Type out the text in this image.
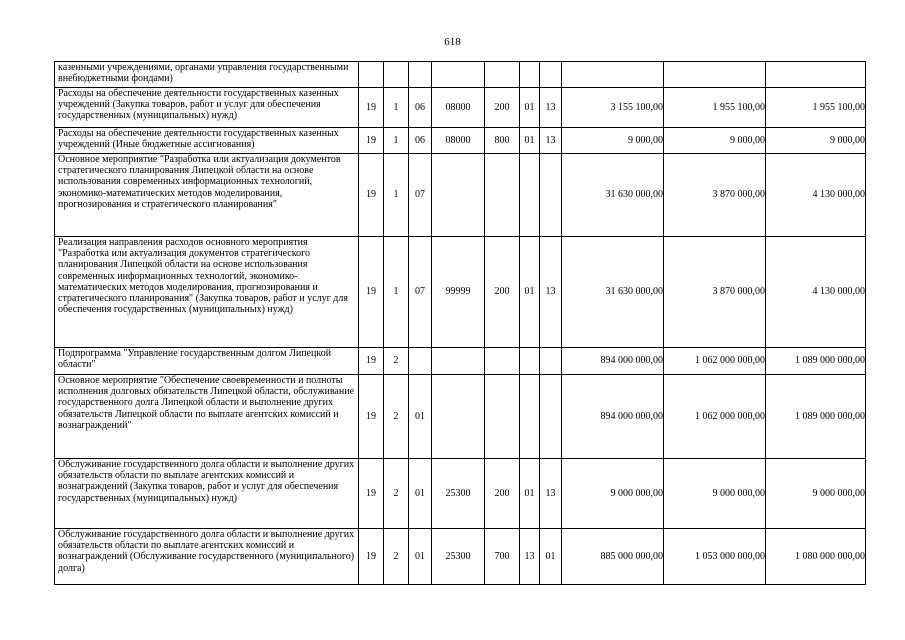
618
казенными учреждениями, органами управления государственными внебюджетными фондами)										
Расходы на обеспечение деятельности государственных казенных учреждений (Закупка товаров, работ и услуг для обеспечения государственных (муниципальных) нужд)	19	1	06	08000	200	01	13	3 155 100,00	1 955 100,00	1 955 100,00
Расходы на обеспечение деятельности государственных казенных учреждений (Иные бюджетные ассигнования)	19	1	06	08000	800	01	13	9 000,00	9 000,00	9 000,00
Основное мероприятие "Разработка или актуализация документов стратегического планирования Липецкой области на основе использования современных информационных технологий, экономико-математических методов моделирования, прогнозирования и стратегического планирования"	19	1	07					31 630 000,00	3 870 000,00	4 130 000,00
Реализация направления расходов основного мероприятия "Разработка или актуализация документов стратегического планирования Липецкой области на основе использования современных информационных технологий, экономико-математических методов моделирования, прогнозирования и стратегического планирования" (Закупка товаров, работ и услуг для обеспечения государственных (муниципальных) нужд)	19	1	07	99999	200	01	13	31 630 000,00	3 870 000,00	4 130 000,00
Подпрограмма "Управление государственным долгом Липецкой области"	19	2						894 000 000,00	1 062 000 000,00	1 089 000 000,00
Основное мероприятие "Обеспечение своевременности и полноты исполнения долговых обязательств Липецкой области, обслуживание государственного долга Липецкой области и выполнение других обязательств Липецкой области по выплате агентских комиссий и вознаграждений"	19	2	01					894 000 000,00	1 062 000 000,00	1 089 000 000,00
Обслуживание государственного долга области и выполнение других обязательств области по выплате агентских комиссий и вознаграждений (Закупка товаров, работ и услуг для обеспечения государственных (муниципальных) нужд)	19	2	01	25300	200	01	13	9 000 000,00	9 000 000,00	9 000 000,00
Обслуживание государственного долга области и выполнение других обязательств области по выплате агентских комиссий и вознаграждений (Обслуживание государственного (муниципального) долга)	19	2	01	25300	700	13	01	885 000 000,00	1 053 000 000,00	1 080 000 000,00
